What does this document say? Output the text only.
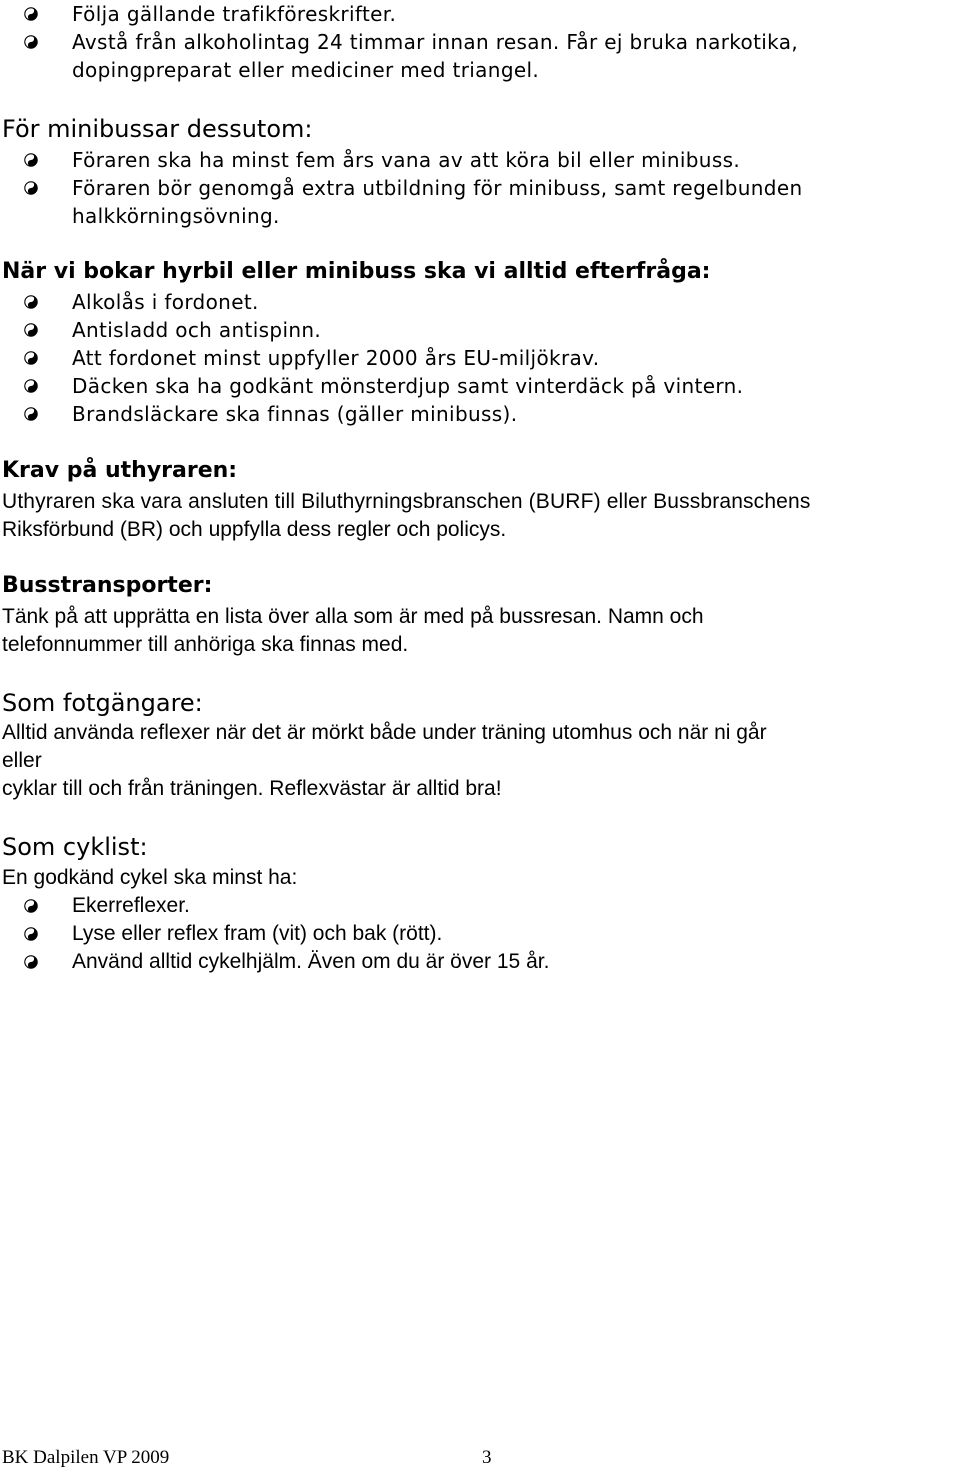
Följa gällande trafikföreskrifter.
Avstå från alkoholintag 24 timmar innan resan. Får ej bruka narkotika,
dopingpreparat eller mediciner med triangel.
För minibussar dessutom:
Föraren ska ha minst fem års vana av att köra bil eller minibuss.
Föraren bör genomgå extra utbildning för minibuss, samt regelbunden
halkkörningsövning.
När vi bokar hyrbil eller minibuss ska vi alltid efterfråga:
Alkolås i fordonet.
Antisladd och antispinn.
Att fordonet minst uppfyller 2000 års EU-miljökrav.
Däcken ska ha godkänt mönsterdjup samt vinterdäck på vintern.
Brandsläckare ska finnas (gäller minibuss).
Krav på uthyraren:
Uthyraren ska vara ansluten till Biluthyrningsbranschen (BURF) eller Bussbranschens
Riksförbund (BR) och uppfylla dess regler och policys.
Busstransporter:
Tänk på att upprätta en lista över alla som är med på bussresan. Namn och
telefonnummer till anhöriga ska finnas med.
Som fotgängare:
Alltid använda reflexer när det är mörkt både under träning utomhus och när ni går
eller
cyklar till och från träningen. Reflexvästar är alltid bra!
Som cyklist:
En godkänd cykel ska minst ha:
Ekerreflexer.
Lyse eller reflex fram (vit) och bak (rött).
Använd alltid cykelhjälm. Även om du är över 15 år.
BK Dalpilen VP 2009	3
